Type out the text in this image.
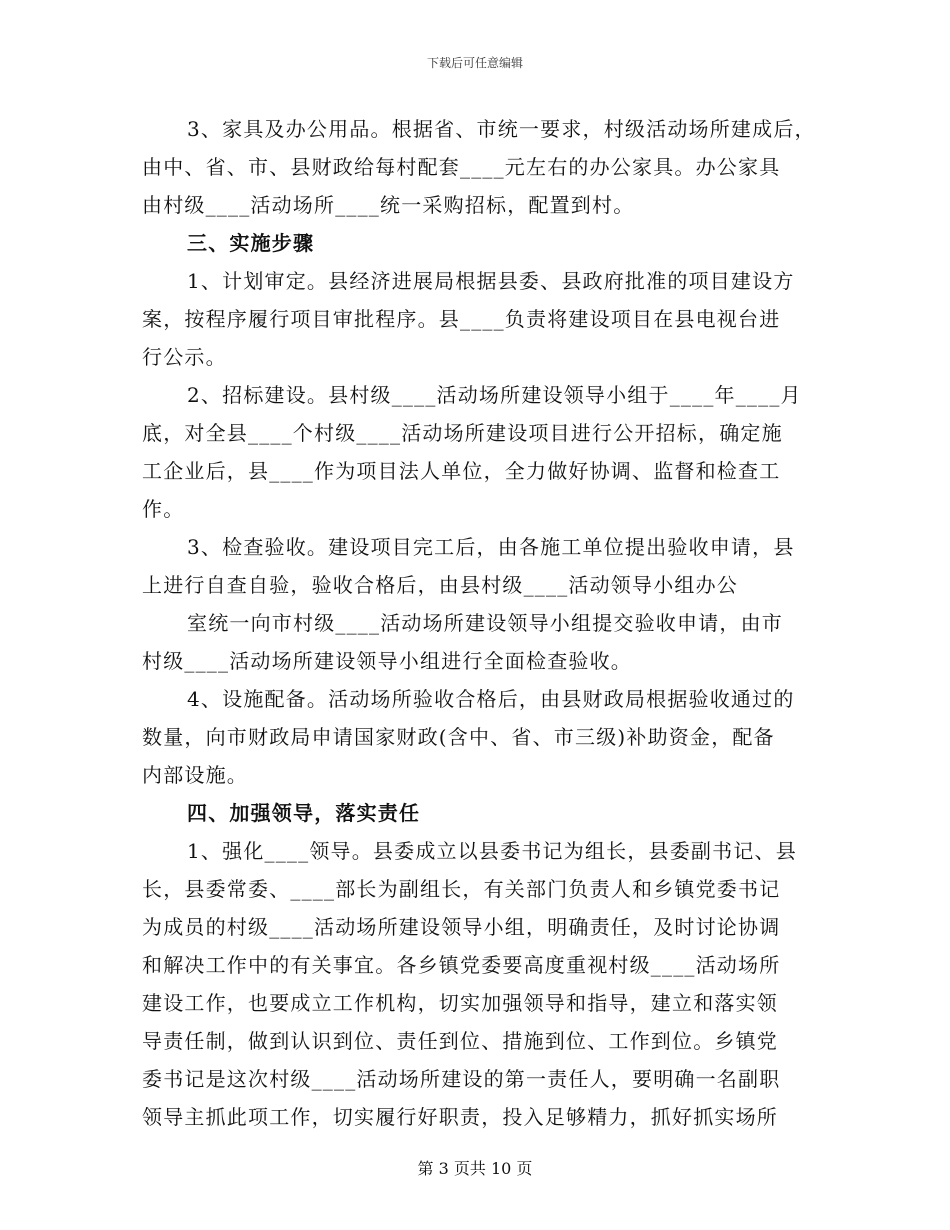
下载后可任意编辑

3、家具及办公用品。根据省、市统一要求，村级活动场所建成后，

由中、省、市、县财政给每村配套____元左右的办公家具。办公家具

由村级____活动场所____统一采购招标，配置到村。

三、实施步骤

1、计划审定。县经济进展局根据县委、县政府批准的项目建设方

案，按程序履行项目审批程序。县____负责将建设项目在县电视台进

行公示。

2、招标建设。县村级____活动场所建设领导小组于____年____月

底，对全县____个村级____活动场所建设项目进行公开招标，确定施

工企业后，县____作为项目法人单位，全力做好协调、监督和检查工

作。

3、检查验收。建设项目完工后，由各施工单位提出验收申请，县

上进行自查自验，验收合格后，由县村级____活动领导小组办公

室统一向市村级____活动场所建设领导小组提交验收申请，由市

村级____活动场所建设领导小组进行全面检查验收。

4、设施配备。活动场所验收合格后，由县财政局根据验收通过的

数量，向市财政局申请国家财政(含中、省、市三级)补助资金，配备

内部设施。

四、加强领导，落实责任

1、强化____领导。县委成立以县委书记为组长，县委副书记、县

长，县委常委、____部长为副组长，有关部门负责人和乡镇党委书记

为成员的村级____活动场所建设领导小组，明确责任，及时讨论协调

和解决工作中的有关事宜。各乡镇党委要高度重视村级____活动场所

建设工作，也要成立工作机构，切实加强领导和指导，建立和落实领

导责任制，做到认识到位、责任到位、措施到位、工作到位。乡镇党

委书记是这次村级____活动场所建设的第一责任人，要明确一名副职

领导主抓此项工作，切实履行好职责，投入足够精力，抓好抓实场所

第 3 页共 10 页
